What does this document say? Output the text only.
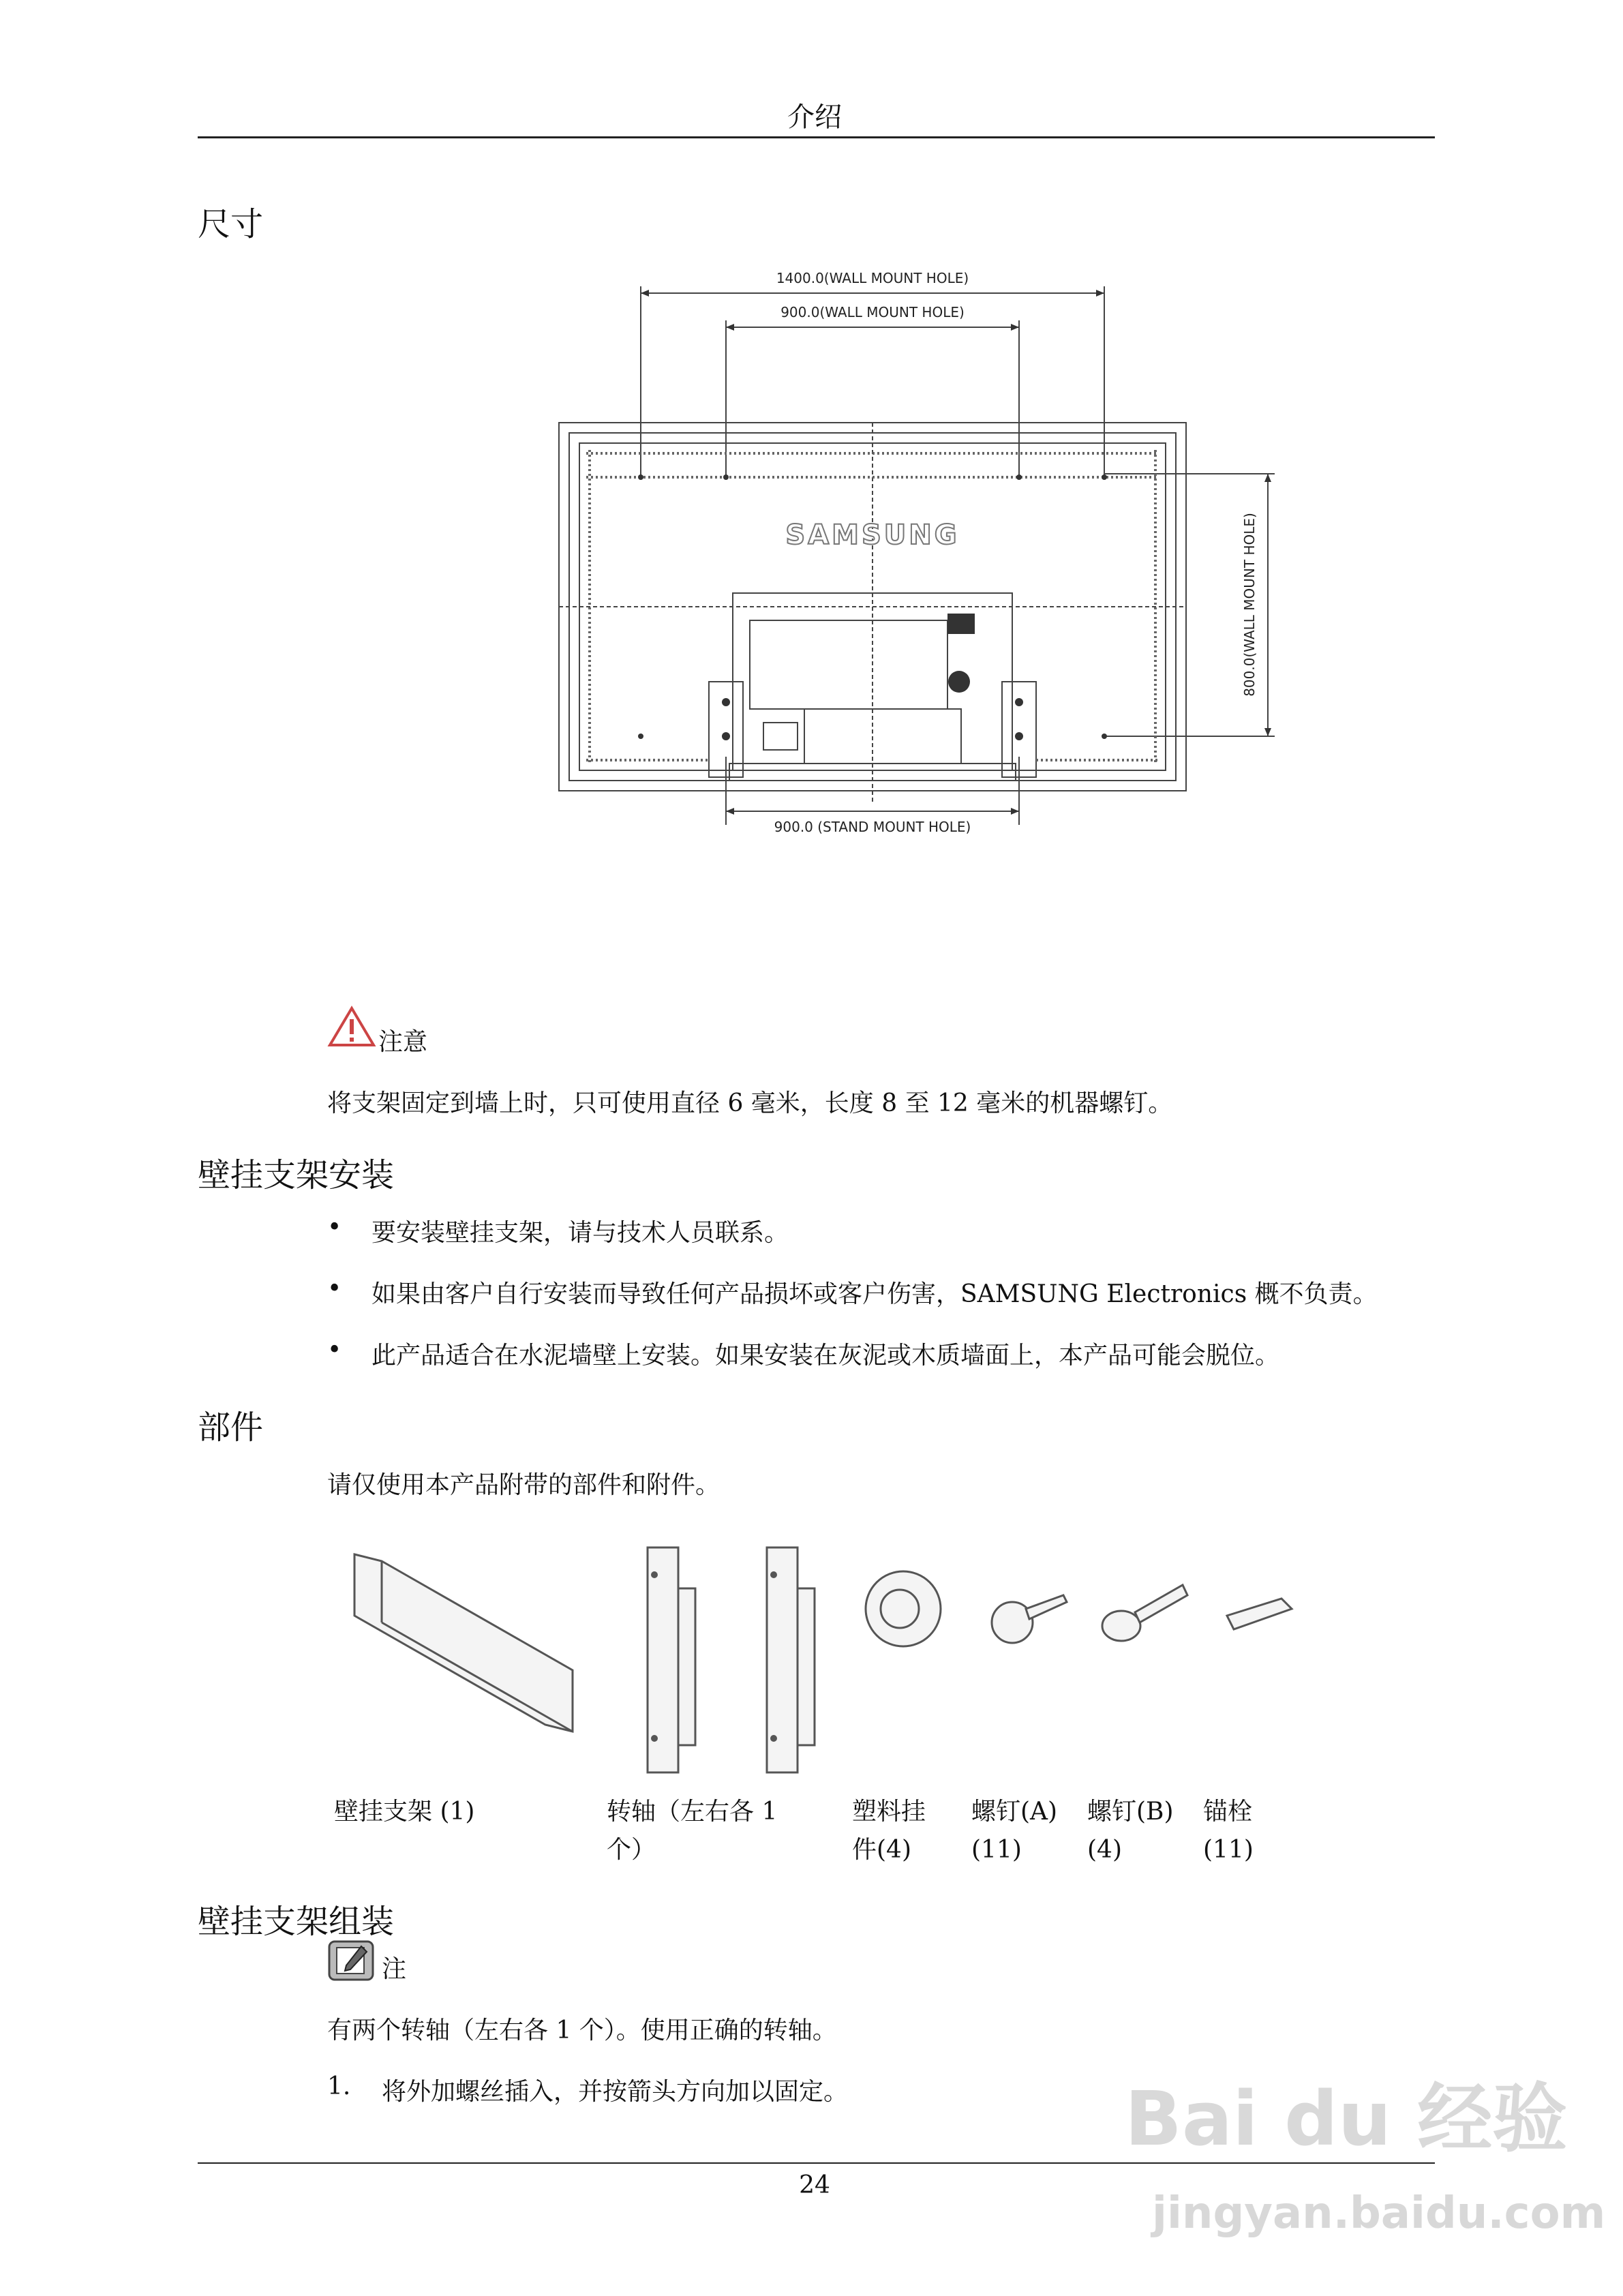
介绍
尺寸
1400.0(WALL MOUNT HOLE)
900.0(WALL MOUNT HOLE)
800.0(WALL MOUNT HOLE)
900.0 (STAND MOUNT HOLE)
SAMSUNG
注意
将支架固定到墙上时，只可使用直径 6 毫米，长度 8 至 12 毫米的机器螺钉。
壁挂支架安装
• 要安装壁挂支架，请与技术人员联系。
• 如果由客户自行安装而导致任何产品损坏或客户伤害，SAMSUNG Electronics 概不负责。
• 此产品适合在水泥墙壁上安装。如果安装在灰泥或木质墙面上，本产品可能会脱位。
部件
请仅使用本产品附带的部件和附件。
壁挂支架 (1)	转轴（左右各 1
个）
塑料挂
件(4)
螺钉(A)
(11)
螺钉(B)
(4)
锚栓
(11)
壁挂支架组装
注
有两个转轴（左右各 1 个）。使用正确的转轴。
1. 将外加螺丝插入，并按箭头方向加以固定。
24
Bai du 经验
jingyan.baidu.com
